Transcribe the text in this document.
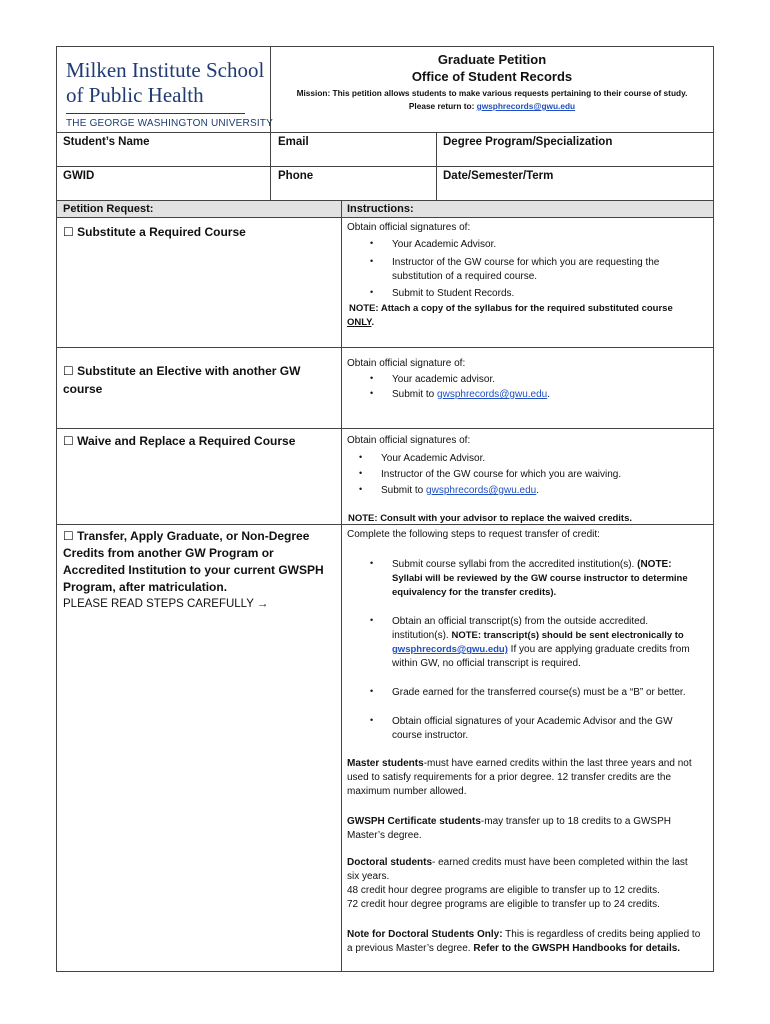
Milken Institute School
of Public Health
THE GEORGE WASHINGTON UNIVERSITY
Graduate Petition
Office of Student Records
Mission: This petition allows students to make various requests pertaining to their course of study.
Please return to: gwsphrecords@gwu.edu
Student’s Name	Email	Degree Program/Specialization
GWID	Phone	Date/Semester/Term
Petition Request:	Instructions:
☐ Substitute a Required Course	Obtain official signatures of:
• Your Academic Advisor.
• Instructor of the GW course for which you are requesting the
substitution of a required course.
• Submit to Student Records.
NOTE: Attach a copy of the syllabus for the required substituted course
ONLY.
☐ Substitute an Elective with another GW
course
Obtain official signature of:
• Your academic advisor.
• Submit to gwsphrecords@gwu.edu.
☐ Waive and Replace a Required Course	Obtain official signatures of:
• Your Academic Advisor.
• Instructor of the GW course for which you are waiving.
• Submit to gwsphrecords@gwu.edu.
NOTE: Consult with your advisor to replace the waived credits.
☐ Transfer, Apply Graduate, or Non-Degree
Credits from another GW Program or
Accredited Institution to your current GWSPH
Program, after matriculation.
PLEASE READ STEPS CAREFULLY →
Complete the following steps to request transfer of credit:
• Submit course syllabi from the accredited institution(s). (NOTE:
Syllabi will be reviewed by the GW course instructor to determine
equivalency for the transfer credits).
• Obtain an official transcript(s) from the outside accredited.
institution(s). NOTE: transcript(s) should be sent electronically to
gwsphrecords@gwu.edu) If you are applying graduate credits from
within GW, no official transcript is required.
• Grade earned for the transferred course(s) must be a “B” or better.
• Obtain official signatures of your Academic Advisor and the GW
course instructor.
Master students-must have earned credits within the last three years and not
used to satisfy requirements for a prior degree. 12 transfer credits are the
maximum number allowed.
GWSPH Certificate students-may transfer up to 18 credits to a GWSPH
Master’s degree.
Doctoral students- earned credits must have been completed within the last
six years.
48 credit hour degree programs are eligible to transfer up to 12 credits.
72 credit hour degree programs are eligible to transfer up to 24 credits.
Note for Doctoral Students Only: This is regardless of credits being applied to
a previous Master’s degree. Refer to the GWSPH Handbooks for details.
